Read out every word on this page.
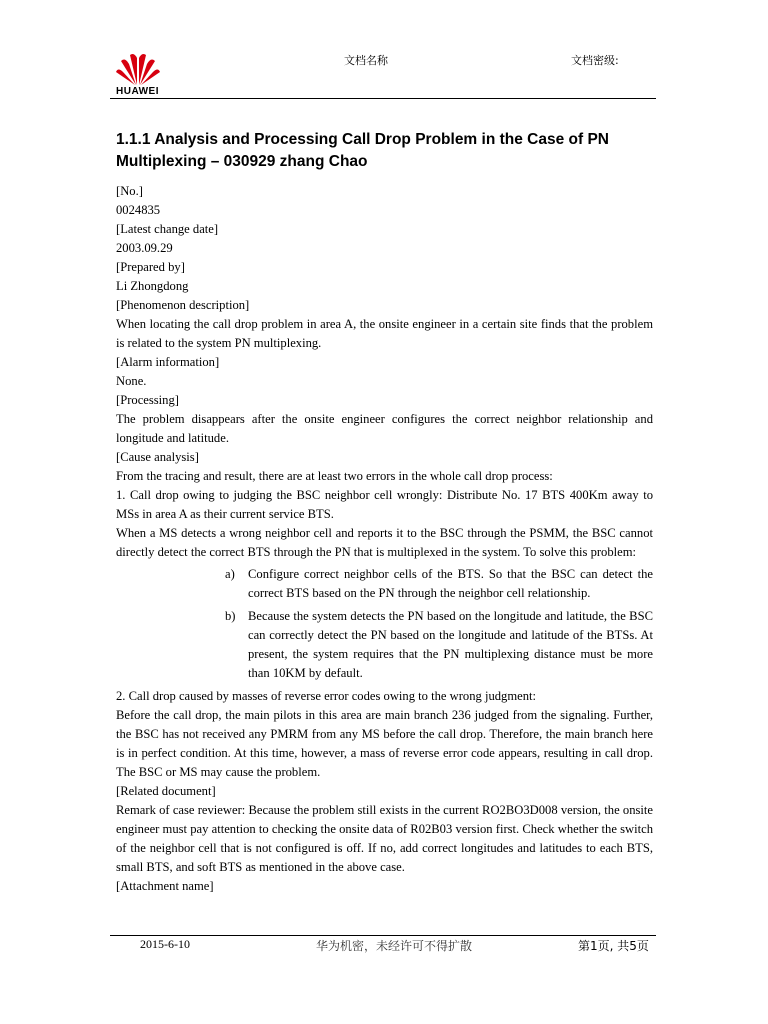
HUAWEI
文档名称	文档密级:
1.1.1 Analysis and Processing Call Drop Problem in the Case of PN Multiplexing – 030929 zhang Chao

[No.]

0024835

[Latest change date]

2003.09.29

[Prepared by]

Li Zhongdong

[Phenomenon description]

When locating the call drop problem in area A, the onsite engineer in a certain site finds that the problem is related to the system PN multiplexing.

[Alarm information]

None.

[Processing]

The problem disappears after the onsite engineer configures the correct neighbor relationship and longitude and latitude.

[Cause analysis]

From the tracing and result, there are at least two errors in the whole call drop process:

1. Call drop owing to judging the BSC neighbor cell wrongly: Distribute No. 17 BTS 400Km away to MSs in area A as their current service BTS.

When a MS detects a wrong neighbor cell and reports it to the BSC through the PSMM, the BSC cannot directly detect the correct BTS through the PN that is multiplexed in the system. To solve this problem:

a) Configure correct neighbor cells of the BTS. So that the BSC can detect the correct BTS based on the PN through the neighbor cell relationship.
b) Because the system detects the PN based on the longitude and latitude, the BSC can correctly detect the PN based on the longitude and latitude of the BTSs. At present, the system requires that the PN multiplexing distance must be more than 10KM by default.

2. Call drop caused by masses of reverse error codes owing to the wrong judgment:

Before the call drop, the main pilots in this area are main branch 236 judged from the signaling. Further, the BSC has not received any PMRM from any MS before the call drop. Therefore, the main branch here is in perfect condition. At this time, however, a mass of reverse error code appears, resulting in call drop. The BSC or MS may cause the problem.

[Related document]

Remark of case reviewer: Because the problem still exists in the current RO2BO3D008 version, the onsite engineer must pay attention to checking the onsite data of R02B03 version first. Check whether the switch of the neighbor cell that is not configured is off. If no, add correct longitudes and latitudes to each BTS, small BTS, and soft BTS as mentioned in the above case.

[Attachment name]

2015-6-10	华为机密，未经许可不得扩散	第1页, 共5页
